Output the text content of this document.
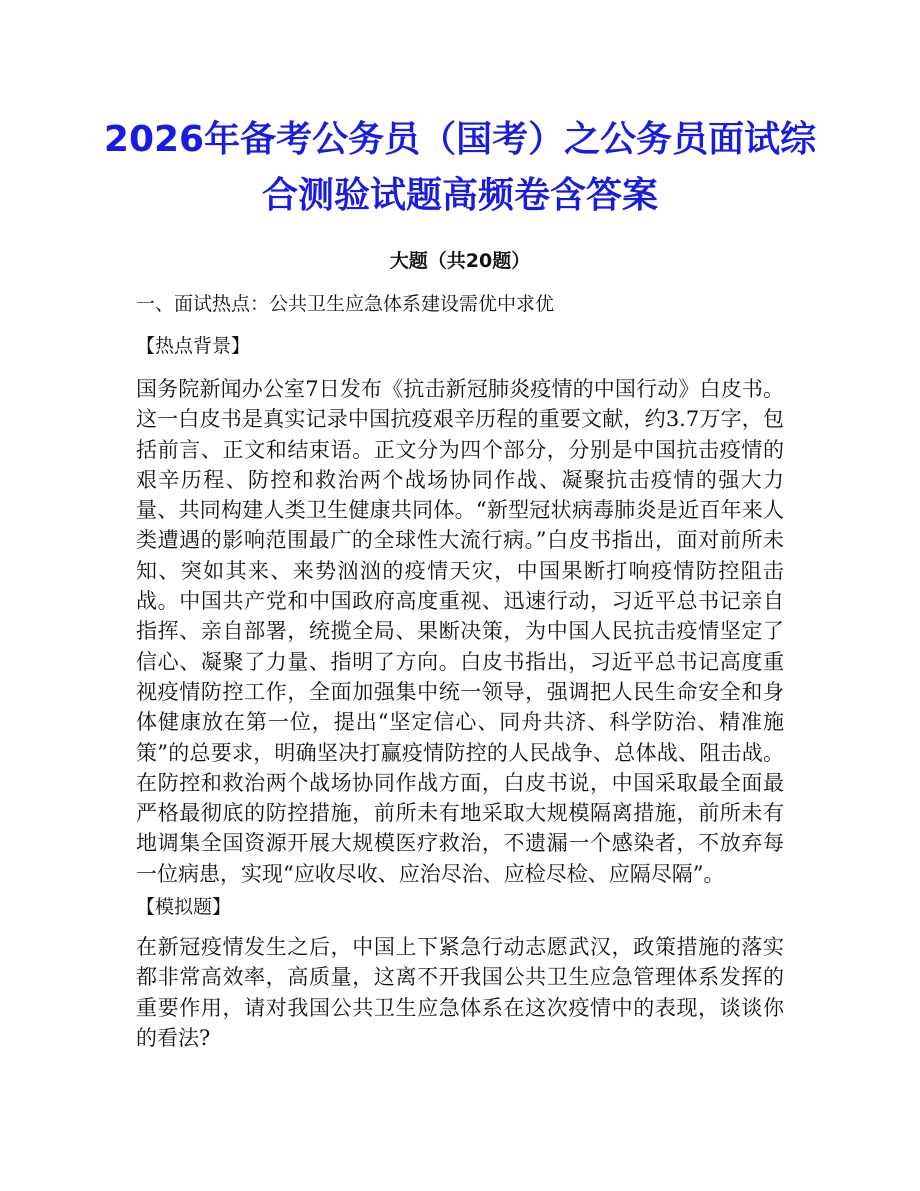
2026年备考公务员（国考）之公务员面试综合测验试题高频卷含答案
大题（共20题）
一、面试热点：公共卫生应急体系建设需优中求优
【热点背景】
国务院新闻办公室7日发布《抗击新冠肺炎疫情的中国行动》白皮书。这一白皮书是真实记录中国抗疫艰辛历程的重要文献，约3.7万字，包括前言、正文和结束语。正文分为四个部分，分别是中国抗击疫情的艰辛历程、防控和救治两个战场协同作战、凝聚抗击疫情的强大力量、共同构建人类卫生健康共同体。“新型冠状病毒肺炎是近百年来人类遭遇的影响范围最广的全球性大流行病。”白皮书指出，面对前所未知、突如其来、来势汹汹的疫情天灾，中国果断打响疫情防控阻击战。中国共产党和中国政府高度重视、迅速行动，习近平总书记亲自指挥、亲自部署，统揽全局、果断决策，为中国人民抗击疫情坚定了信心、凝聚了力量、指明了方向。白皮书指出，习近平总书记高度重视疫情防控工作，全面加强集中统一领导，强调把人民生命安全和身体健康放在第一位，提出“坚定信心、同舟共济、科学防治、精准施策”的总要求，明确坚决打赢疫情防控的人民战争、总体战、阻击战。在防控和救治两个战场协同作战方面，白皮书说，中国采取最全面最严格最彻底的防控措施，前所未有地采取大规模隔离措施，前所未有地调集全国资源开展大规模医疗救治，不遗漏一个感染者，不放弃每一位病患，实现“应收尽收、应治尽治、应检尽检、应隔尽隔”。
【模拟题】
在新冠疫情发生之后，中国上下紧急行动志愿武汉，政策措施的落实都非常高效率，高质量，这离不开我国公共卫生应急管理体系发挥的重要作用，请对我国公共卫生应急体系在这次疫情中的表现，谈谈你的看法?
